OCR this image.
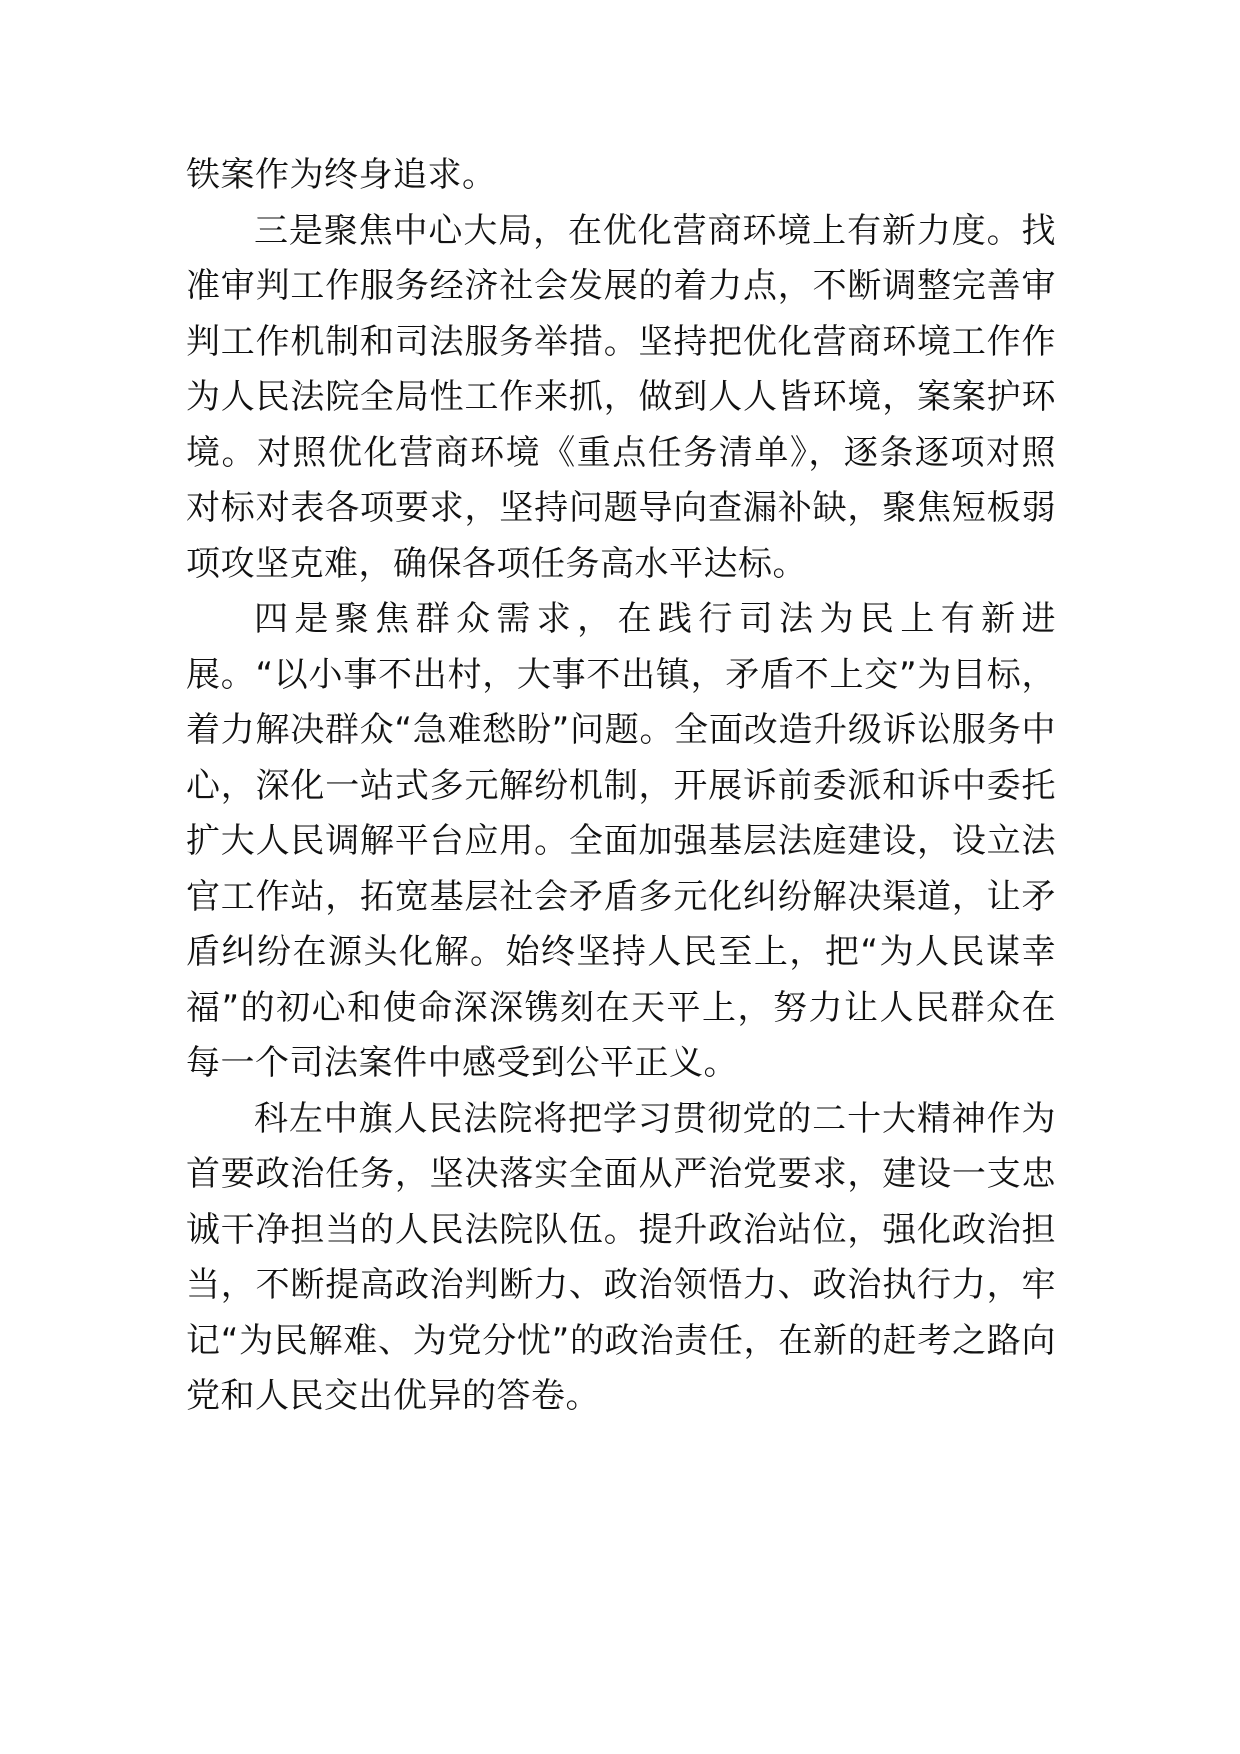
铁案作为终身追求。

三是聚焦中心大局，在优化营商环境上有新力度。找准审判工作服务经济社会发展的着力点，不断调整完善审判工作机制和司法服务举措。坚持把优化营商环境工作作为人民法院全局性工作来抓，做到人人皆环境，案案护环境。对照优化营商环境《重点任务清单》，逐条逐项对照对标对表各项要求，坚持问题导向查漏补缺，聚焦短板弱项攻坚克难，确保各项任务高水平达标。

四是聚焦群众需求，在践行司法为民上有新进展。“以小事不出村，大事不出镇，矛盾不上交”为目标，着力解决群众“急难愁盼”问题。全面改造升级诉讼服务中心，深化一站式多元解纷机制，开展诉前委派和诉中委托扩大人民调解平台应用。全面加强基层法庭建设，设立法官工作站，拓宽基层社会矛盾多元化纠纷解决渠道，让矛盾纠纷在源头化解。始终坚持人民至上，把“为人民谋幸福”的初心和使命深深镌刻在天平上，努力让人民群众在每一个司法案件中感受到公平正义。

科左中旗人民法院将把学习贯彻党的二十大精神作为首要政治任务，坚决落实全面从严治党要求，建设一支忠诚干净担当的人民法院队伍。提升政治站位，强化政治担当，不断提高政治判断力、政治领悟力、政治执行力，牢记“为民解难、为党分忧”的政治责任，在新的赶考之路向党和人民交出优异的答卷。
